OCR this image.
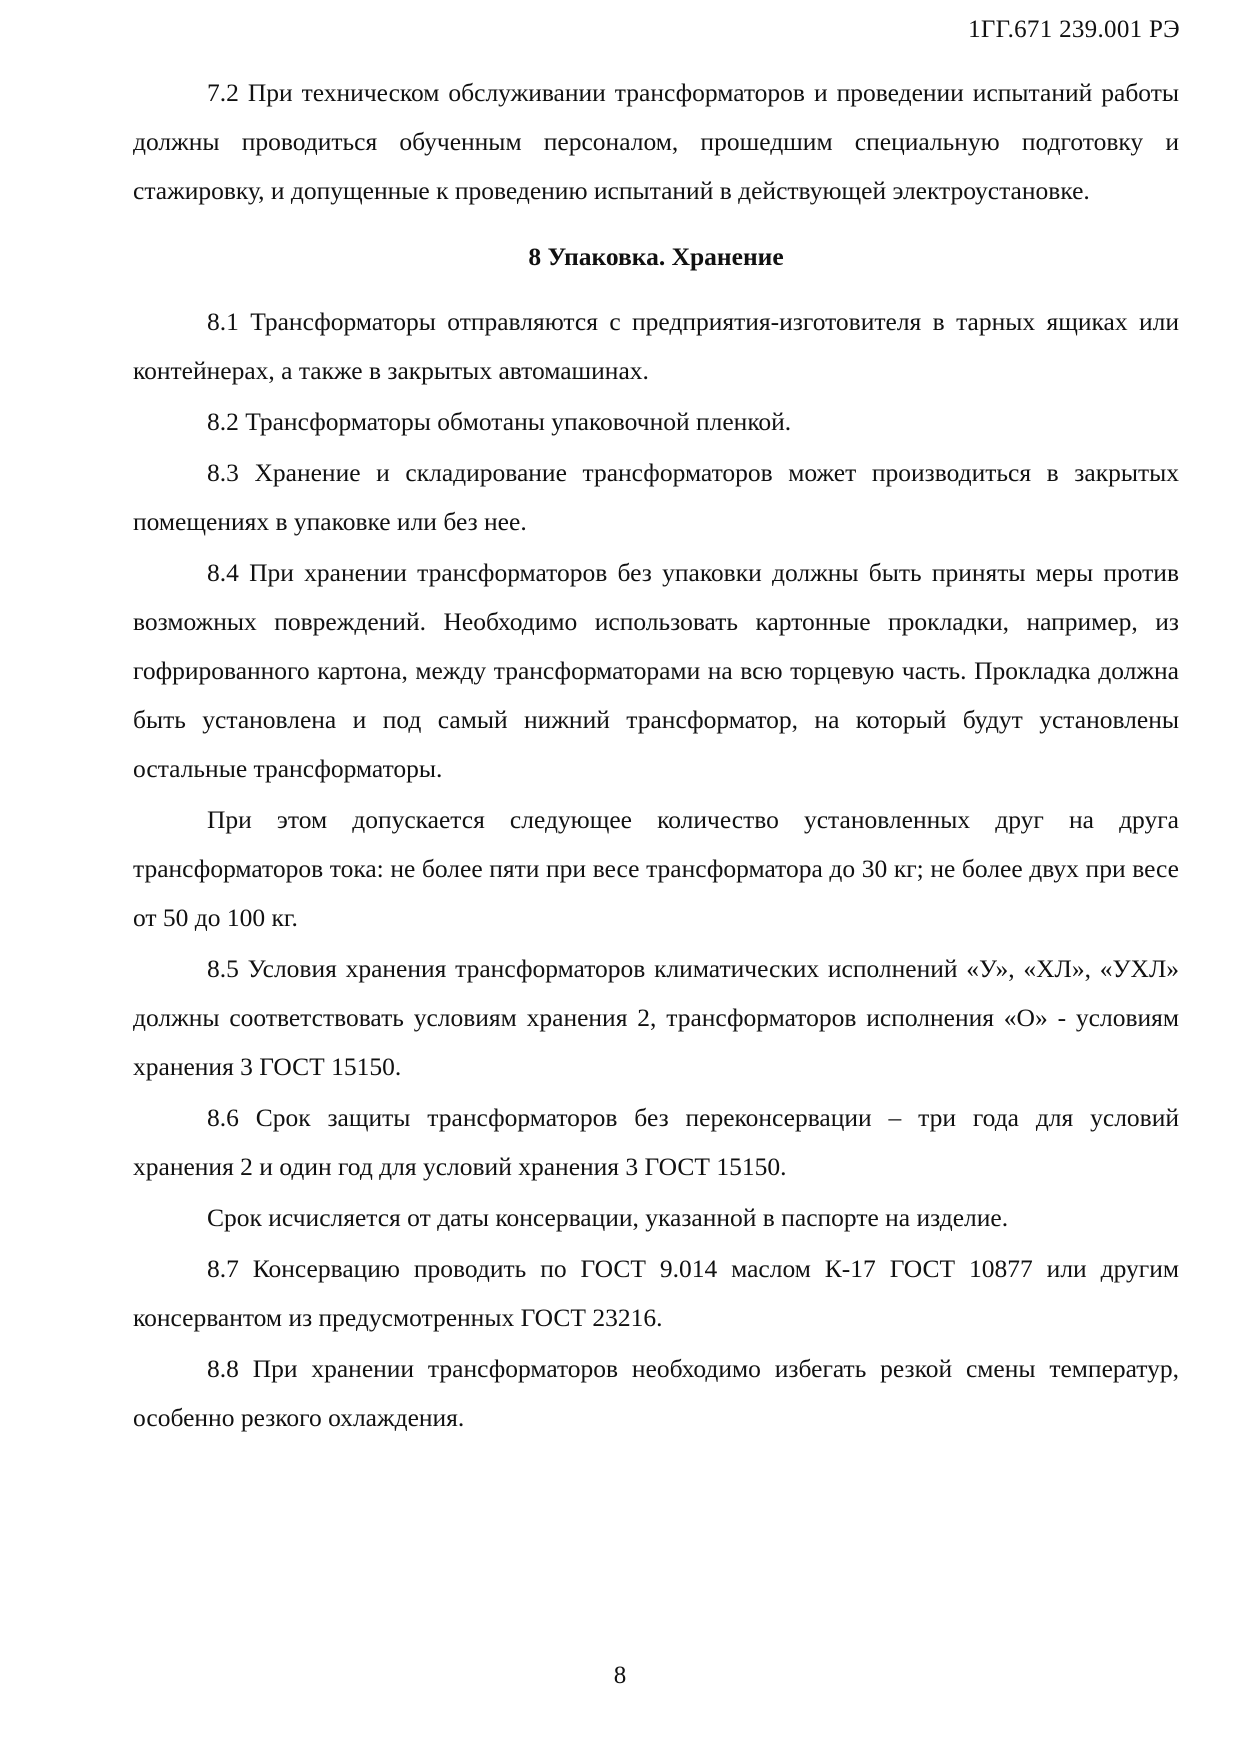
1ГГ.671 239.001 РЭ

7.2 При техническом обслуживании трансформаторов и проведении испытаний работы должны проводиться обученным персоналом, прошедшим специальную подготовку и стажировку, и допущенные к проведению испытаний в действующей электроустановке.

8 Упаковка. Хранение

8.1 Трансформаторы отправляются с предприятия-изготовителя в тарных ящиках или контейнерах, а также в закрытых автомашинах.

8.2 Трансформаторы обмотаны упаковочной пленкой.

8.3 Хранение и складирование трансформаторов может производиться в закрытых помещениях в упаковке или без нее.

8.4 При хранении трансформаторов без упаковки должны быть приняты меры против возможных повреждений. Необходимо использовать картонные прокладки, например, из гофрированного картона, между трансформаторами на всю торцевую часть. Прокладка должна быть установлена и под самый нижний трансформатор, на который будут установлены остальные трансформаторы.

При этом допускается следующее количество установленных друг на друга трансформаторов тока: не более пяти при весе трансформатора до 30 кг; не более двух при весе от 50 до 100 кг.

8.5 Условия хранения трансформаторов климатических исполнений «У», «ХЛ», «УХЛ» должны соответствовать условиям хранения 2, трансформаторов исполнения «О» - условиям хранения 3 ГОСТ 15150.

8.6 Срок защиты трансформаторов без переконсервации – три года для условий хранения 2 и один год для условий хранения 3 ГОСТ 15150.

Срок исчисляется от даты консервации, указанной в паспорте на изделие.

8.7 Консервацию проводить по ГОСТ 9.014 маслом К-17 ГОСТ 10877 или другим консервантом из предусмотренных ГОСТ 23216.

8.8 При хранении трансформаторов необходимо избегать резкой смены температур, особенно резкого охлаждения.

8
